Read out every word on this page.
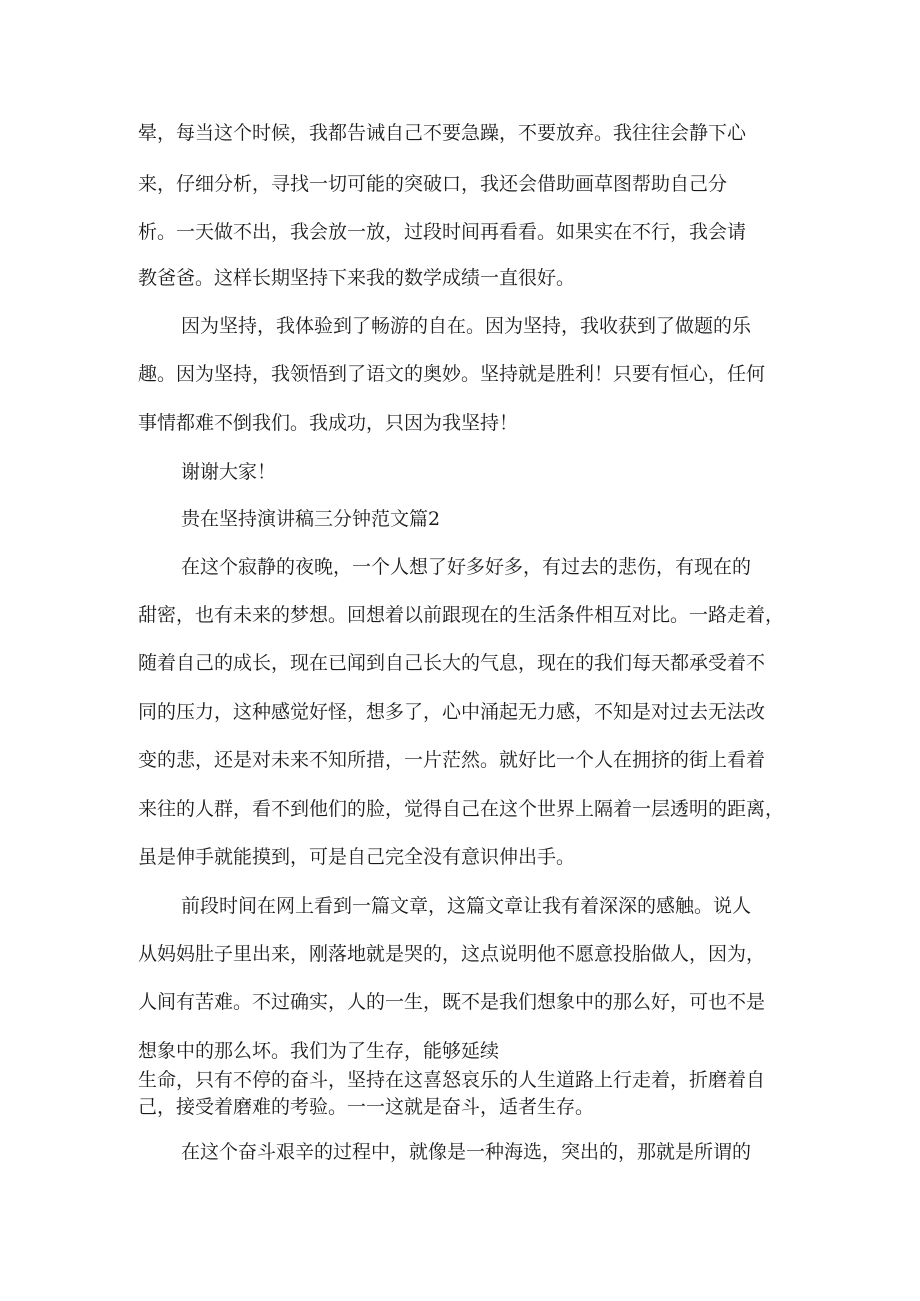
晕，每当这个时候，我都告诫自己不要急躁，不要放弃。我往往会静下心
来，仔细分析，寻找一切可能的突破口，我还会借助画草图帮助自己分
析。一天做不出，我会放一放，过段时间再看看。如果实在不行，我会请
教爸爸。这样长期坚持下来我的数学成绩一直很好。
因为坚持，我体验到了畅游的自在。因为坚持，我收获到了做题的乐
趣。因为坚持，我领悟到了语文的奥妙。坚持就是胜利！只要有恒心，任何
事情都难不倒我们。我成功，只因为我坚持！
谢谢大家！
贵在坚持演讲稿三分钟范文篇2
在这个寂静的夜晚，一个人想了好多好多，有过去的悲伤，有现在的
甜密，也有未来的梦想。回想着以前跟现在的生活条件相互对比。一路走着，
随着自己的成长，现在已闻到自己长大的气息，现在的我们每天都承受着不
同的压力，这种感觉好怪，想多了，心中涌起无力感，不知是对过去无法改
变的悲，还是对未来不知所措，一片茫然。就好比一个人在拥挤的街上看着
来往的人群，看不到他们的脸，觉得自己在这个世界上隔着一层透明的距离，
虽是伸手就能摸到，可是自己完全没有意识伸出手。
前段时间在网上看到一篇文章，这篇文章让我有着深深的感触。说人
从妈妈肚子里出来，刚落地就是哭的，这点说明他不愿意投胎做人，因为，
人间有苦难。不过确实，人的一生，既不是我们想象中的那么好，可也不是
想象中的那么坏。我们为了生存，能够延续
生命，只有不停的奋斗，坚持在这喜怒哀乐的人生道路上行走着，折磨着自
己，接受着磨难的考验。一一这就是奋斗，适者生存。
在这个奋斗艰辛的过程中，就像是一种海选，突出的，那就是所谓的
